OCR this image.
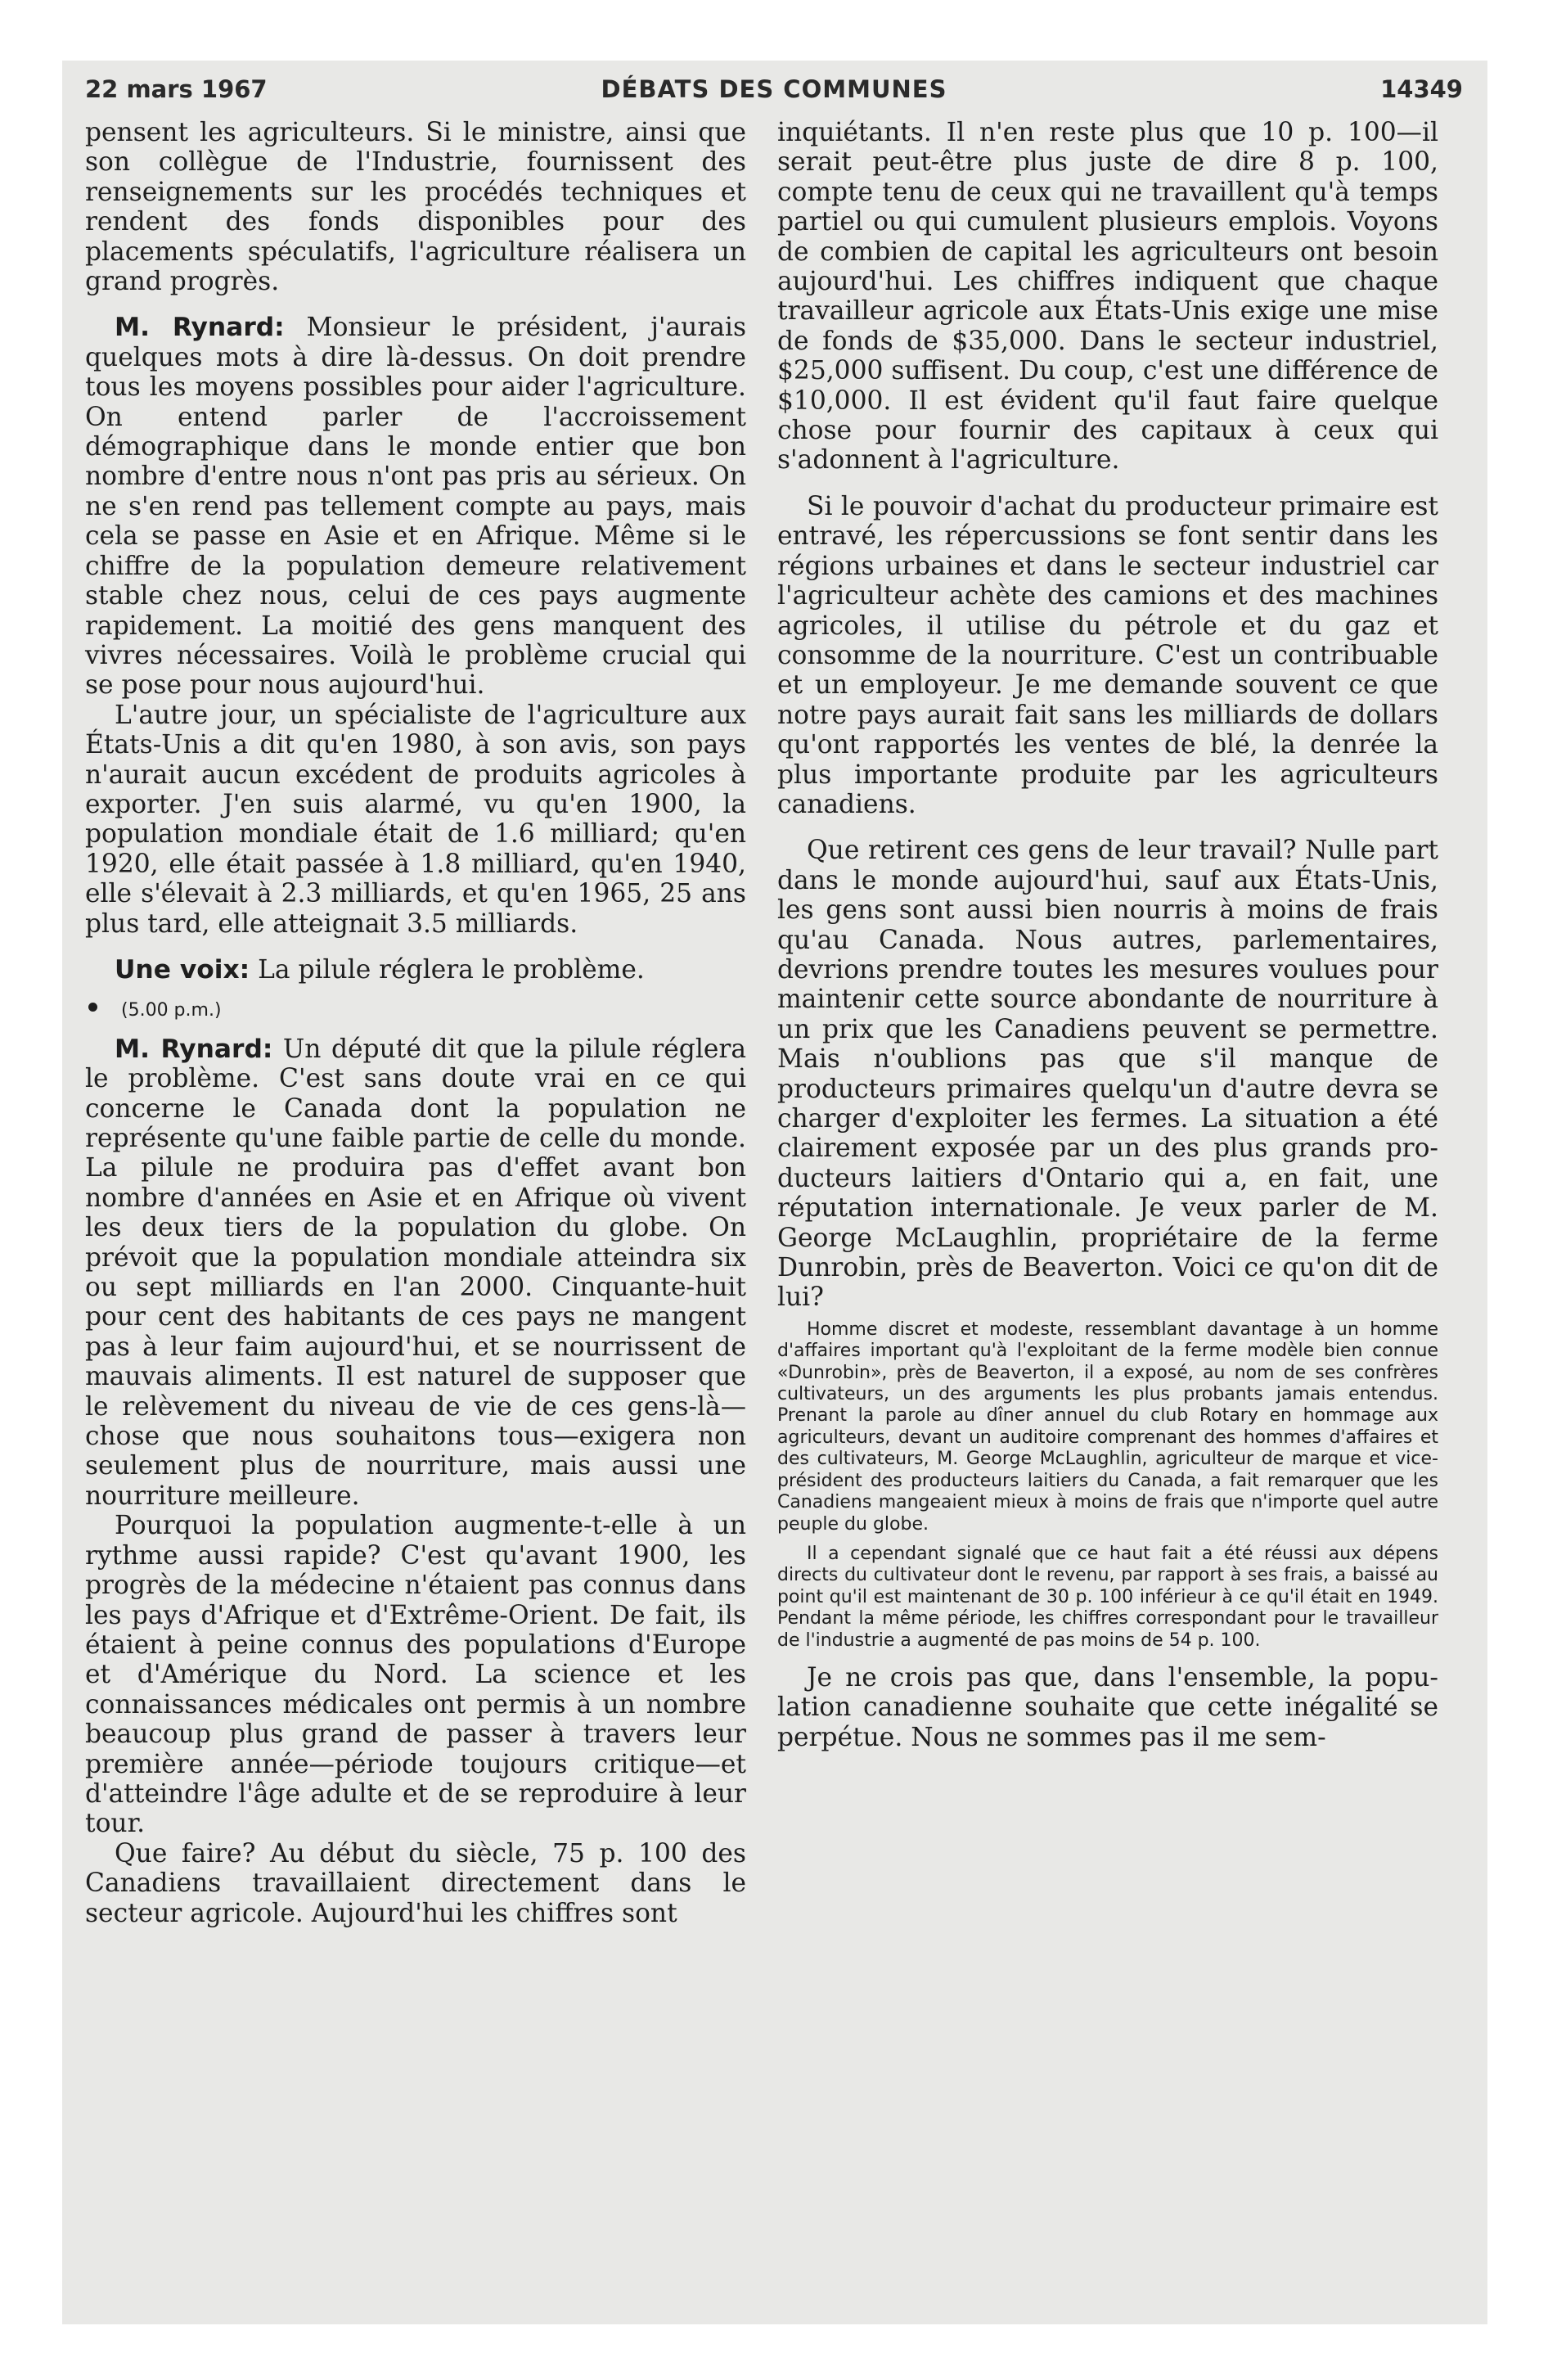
22 mars 1967	DÉBATS DES COMMUNES	14349

pensent les agriculteurs. Si le ministre, ainsi que son collègue de l'Industrie, fournissent des renseignements sur les procédés techniques et rendent des fonds disponibles pour des placements spéculatifs, l'agriculture réalisera un grand progrès.

M. Rynard: Monsieur le président, j'aurais quelques mots à dire là-dessus. On doit prendre tous les moyens possibles pour aider l'agriculture. On entend parler de l'accroissement démographique dans le monde entier que bon nombre d'entre nous n'ont pas pris au sérieux. On ne s'en rend pas tellement compte au pays, mais cela se passe en Asie et en Afrique. Même si le chiffre de la population demeure relativement stable chez nous, celui de ces pays augmente rapidement. La moitié des gens manquent des vivres nécessaires. Voilà le problème crucial qui se pose pour nous aujourd'hui.

L'autre jour, un spécialiste de l'agriculture aux États-Unis a dit qu'en 1980, à son avis, son pays n'aurait aucun excédent de produits agricoles à exporter. J'en suis alarmé, vu qu'en 1900, la population mondiale était de 1.6 milliard; qu'en 1920, elle était passée à 1.8 milliard, qu'en 1940, elle s'élevait à 2.3 milliards, et qu'en 1965, 25 ans plus tard, elle atteignait 3.5 milliards.

Une voix: La pilule réglera le problème.

(5.00 p.m.)

M. Rynard: Un député dit que la pilule réglera le problème. C'est sans doute vrai en ce qui concerne le Canada dont la population ne représente qu'une faible partie de celle du monde. La pilule ne produira pas d'effet avant bon nombre d'années en Asie et en Afrique où vivent les deux tiers de la population du globe. On prévoit que la population mondiale atteindra six ou sept milliards en l'an 2000. Cinquante-huit pour cent des habitants de ces pays ne mangent pas à leur faim aujourd'hui, et se nourrissent de mauvais aliments. Il est naturel de supposer que le relèvement du niveau de vie de ces gens-là—chose que nous souhaitons tous—exigera non seulement plus de nourriture, mais aussi une nourriture meilleure.

Pourquoi la population augmente-t-elle à un rythme aussi rapide? C'est qu'avant 1900, les progrès de la médecine n'étaient pas connus dans les pays d'Afrique et d'Extrême-Orient. De fait, ils étaient à peine connus des populations d'Europe et d'Amérique du Nord. La science et les connaissances médicales ont permis à un nombre beaucoup plus grand de passer à travers leur première année—période toujours critique—et d'atteindre l'âge adulte et de se reproduire à leur tour.

Que faire? Au début du siècle, 75 p. 100 des Canadiens travaillaient directement dans le secteur agricole. Aujourd'hui les chiffres sont

inquiétants. Il n'en reste plus que 10 p. 100—il serait peut-être plus juste de dire 8 p. 100, compte tenu de ceux qui ne travaillent qu'à temps partiel ou qui cumulent plusieurs emplois. Voyons de combien de capital les agriculteurs ont besoin aujourd'hui. Les chiffres indiquent que chaque travailleur agricole aux États-Unis exige une mise de fonds de $35,000. Dans le secteur industriel, $25,000 suffisent. Du coup, c'est une différence de $10,000. Il est évident qu'il faut faire quelque chose pour fournir des capitaux à ceux qui s'adonnent à l'agriculture.

Si le pouvoir d'achat du producteur primaire est entravé, les répercussions se font sentir dans les régions urbaines et dans le secteur industriel car l'agriculteur achète des camions et des machines agricoles, il utilise du pétrole et du gaz et consomme de la nourriture. C'est un contribuable et un employeur. Je me demande souvent ce que notre pays aurait fait sans les milliards de dollars qu'ont rapportés les ventes de blé, la denrée la plus importante produite par les agriculteurs canadiens.

Que retirent ces gens de leur travail? Nulle part dans le monde aujourd'hui, sauf aux États-Unis, les gens sont aussi bien nourris à moins de frais qu'au Canada. Nous autres, parlementaires, devrions prendre toutes les mesures voulues pour maintenir cette source abondante de nourriture à un prix que les Canadiens peuvent se permettre. Mais n'oublions pas que s'il manque de producteurs primaires quelqu'un d'autre devra se charger d'exploiter les fermes. La situation a été clairement exposée par un des plus grands producteurs laitiers d'Ontario qui a, en fait, une réputation internationale. Je veux parler de M. George McLaughlin, propriétaire de la ferme Dunrobin, près de Beaverton. Voici ce qu'on dit de lui?

Homme discret et modeste, ressemblant davantage à un homme d'affaires important qu'à l'exploitant de la ferme modèle bien connue «Dunrobin», près de Beaverton, il a exposé, au nom de ses confrères cultivateurs, un des arguments les plus probants jamais entendus. Prenant la parole au dîner annuel du club Rotary en hommage aux agriculteurs, devant un auditoire comprenant des hommes d'affaires et des cultivateurs, M. George McLaughlin, agriculteur de marque et vice-président des producteurs laitiers du Canada, a fait remarquer que les Canadiens mangeaient mieux à moins de frais que n'importe quel autre peuple du globe.

Il a cependant signalé que ce haut fait a été réussi aux dépens directs du cultivateur dont le revenu, par rapport à ses frais, a baissé au point qu'il est maintenant de 30 p. 100 inférieur à ce qu'il était en 1949. Pendant la même période, les chiffres correspondant pour le travailleur de l'industrie a augmenté de pas moins de 54 p. 100.

Je ne crois pas que, dans l'ensemble, la population canadienne souhaite que cette inégalité se perpétue. Nous ne sommes pas il me sem-
